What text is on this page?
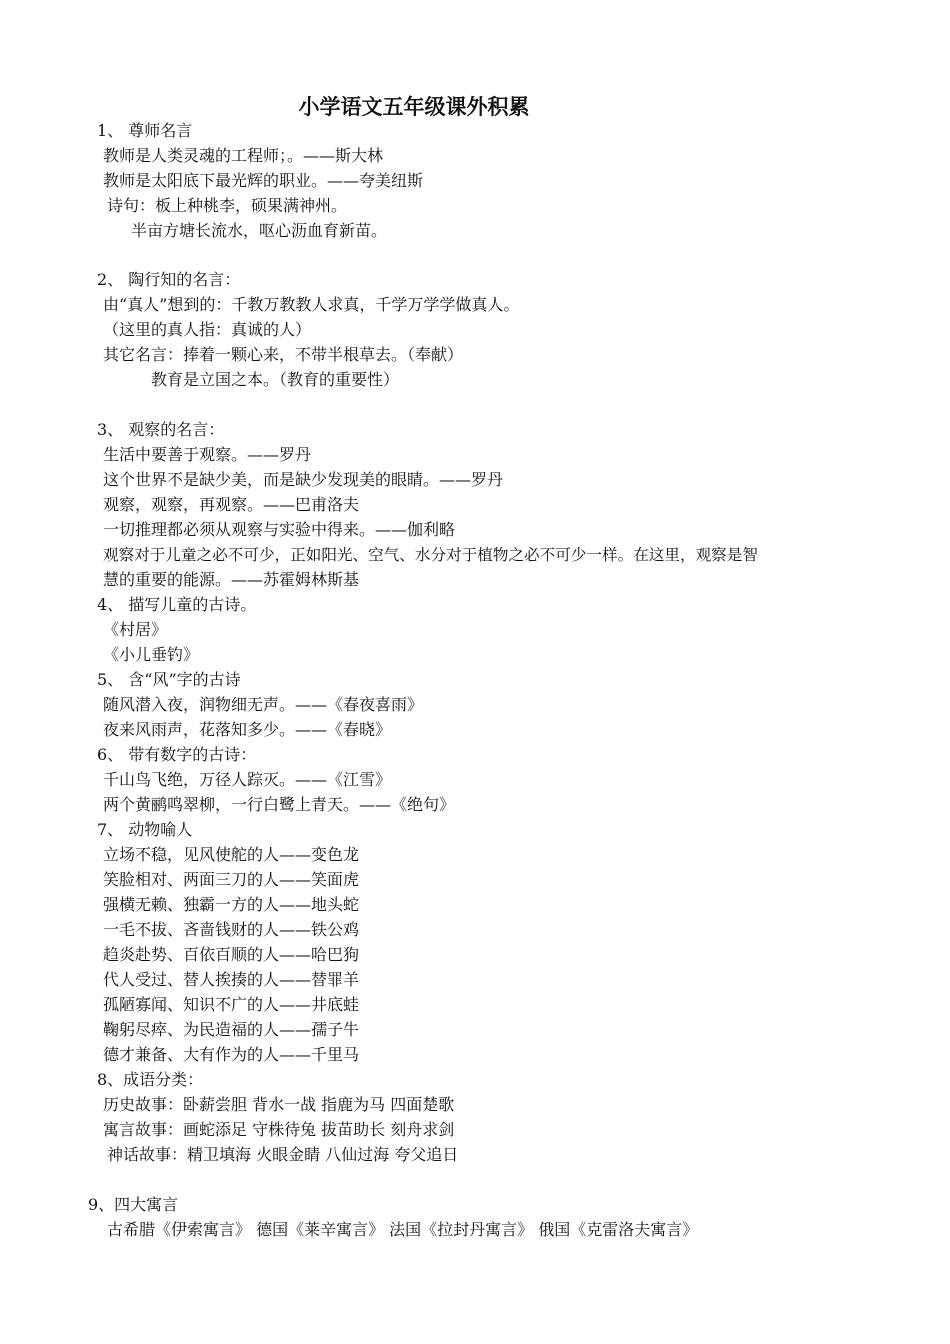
小学语文五年级课外积累
1、 尊师名言
教师是人类灵魂的工程师；。——斯大林
教师是太阳底下最光辉的职业。——夸美纽斯
诗句：板上种桃李，硕果满神州。
半亩方塘长流水，呕心沥血育新苗。
2、 陶行知的名言：
由“真人”想到的：千教万教教人求真，千学万学学做真人。
（这里的真人指：真诚的人）
其它名言：捧着一颗心来，不带半根草去。（奉献）
教育是立国之本。（教育的重要性）
3、 观察的名言：
生活中要善于观察。——罗丹
这个世界不是缺少美，而是缺少发现美的眼睛。——罗丹
观察，观察，再观察。——巴甫洛夫
一切推理都必须从观察与实验中得来。——伽利略
观察对于儿童之必不可少，正如阳光、空气、水分对于植物之必不可少一样。在这里，观察是智
慧的重要的能源。——苏霍姆林斯基
4、 描写儿童的古诗。
《村居》
《小儿垂钓》
5、 含“风”字的古诗
随风潜入夜，润物细无声。——《春夜喜雨》
夜来风雨声，花落知多少。——《春晓》
6、 带有数字的古诗：
千山鸟飞绝，万径人踪灭。——《江雪》
两个黄鹂鸣翠柳，一行白鹭上青天。——《绝句》
7、 动物喻人
立场不稳，见风使舵的人——变色龙
笑脸相对、两面三刀的人——笑面虎
强横无赖、独霸一方的人——地头蛇
一毛不拔、吝啬钱财的人——铁公鸡
趋炎赴势、百依百顺的人——哈巴狗
代人受过、替人挨揍的人——替罪羊
孤陋寡闻、知识不广的人——井底蛙
鞠躬尽瘁、为民造福的人——孺子牛
德才兼备、大有作为的人——千里马
8、成语分类：
历史故事：卧薪尝胆 背水一战 指鹿为马 四面楚歌
寓言故事：画蛇添足 守株待兔 拔苗助长 刻舟求剑
神话故事：精卫填海 火眼金睛 八仙过海 夸父追日
9、四大寓言
古希腊《伊索寓言》 德国《莱辛寓言》 法国《拉封丹寓言》 俄国《克雷洛夫寓言》
